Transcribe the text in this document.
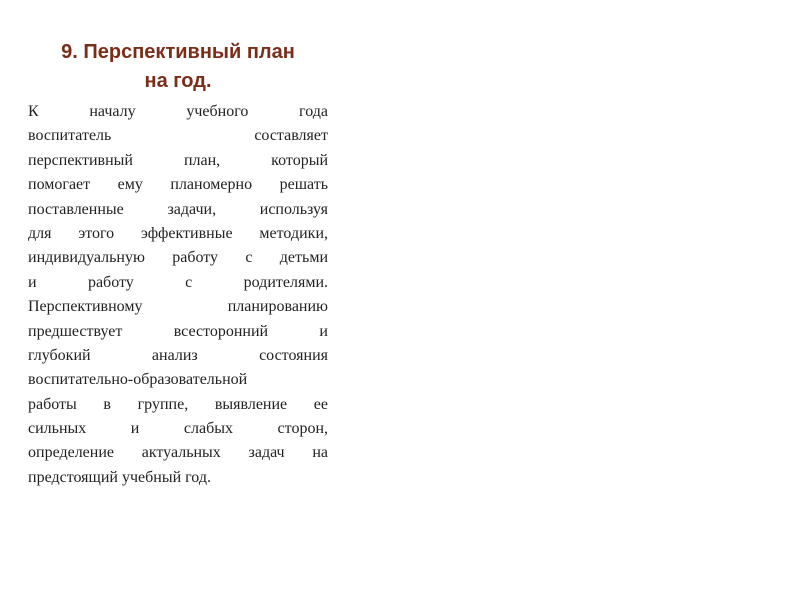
9. Перспективный план
на год.
К началу учебного года
воспитатель составляет
перспективный план, который
помогает ему планомерно решать
поставленные задачи, используя
для этого эффективные методики,
индивидуальную работу с детьми
и работу с родителями.
Перспективному планированию
предшествует всесторонний и
глубокий анализ состояния
воспитательно-образовательной
работы в группе, выявление ее
сильных и слабых сторон,
определение актуальных задач на
предстоящий учебный год.
